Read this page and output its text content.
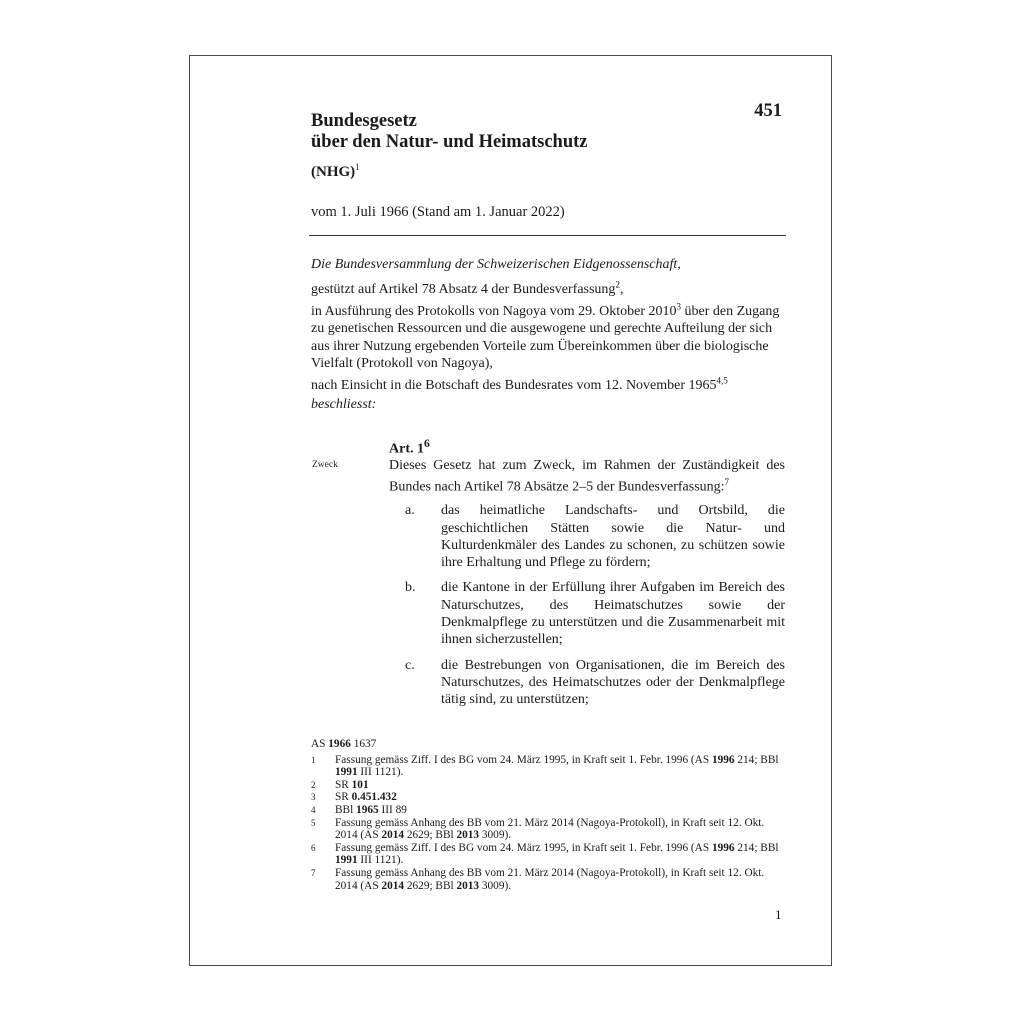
Bundesgesetz
über den Natur- und Heimatschutz
(NHG)$^1$
451
vom 1. Juli 1966 (Stand am 1. Januar 2022)
Die Bundesversammlung der Schweizerischen Eidgenossenschaft,
gestützt auf Artikel 78 Absatz 4 der Bundesverfassung$^2$,
in Ausführung des Protokolls von Nagoya vom 29. Oktober 2010$^3$ über den Zugang zu genetischen Ressourcen und die ausgewogene und gerechte Aufteilung der sich aus ihrer Nutzung ergebenden Vorteile zum Übereinkommen über die biologische Vielfalt (Protokoll von Nagoya),
nach Einsicht in die Botschaft des Bundesrates vom 12. November 1965$^{4,5}$
beschliesst:
Art. $1^6$
Zweck	Dieses Gesetz hat zum Zweck, im Rahmen der Zuständigkeit des Bundes nach Artikel 78 Absätze 2–5 der Bundesverfassung:$^7$
a.	das heimatliche Landschafts- und Ortsbild, die geschichtlichen Stätten sowie die Natur- und Kulturdenkmäler des Landes zu schonen, zu schützen sowie ihre Erhaltung und Pflege zu fördern;
b.	die Kantone in der Erfüllung ihrer Aufgaben im Bereich des Naturschutzes, des Heimatschutzes sowie der Denkmalpflege zu unterstützen und die Zusammenarbeit mit ihnen sicherzustellen;
c.	die Bestrebungen von Organisationen, die im Bereich des Naturschutzes, des Heimatschutzes oder der Denkmalpflege tätig sind, zu unterstützen;
AS 1966 1637
1	Fassung gemäss Ziff. I des BG vom 24. März 1995, in Kraft seit 1. Febr. 1996 (AS 1996 214; BBl 1991 III 1121).
2	SR 101
3	SR 0.451.432
4	BBl 1965 III 89
5	Fassung gemäss Anhang des BB vom 21. März 2014 (Nagoya-Protokoll), in Kraft seit 12. Okt. 2014 (AS 2014 2629; BBl 2013 3009).
6	Fassung gemäss Ziff. I des BG vom 24. März 1995, in Kraft seit 1. Febr. 1996 (AS 1996 214; BBl 1991 III 1121).
7	Fassung gemäss Anhang des BB vom 21. März 2014 (Nagoya-Protokoll), in Kraft seit 12. Okt. 2014 (AS 2014 2629; BBl 2013 3009).
1
